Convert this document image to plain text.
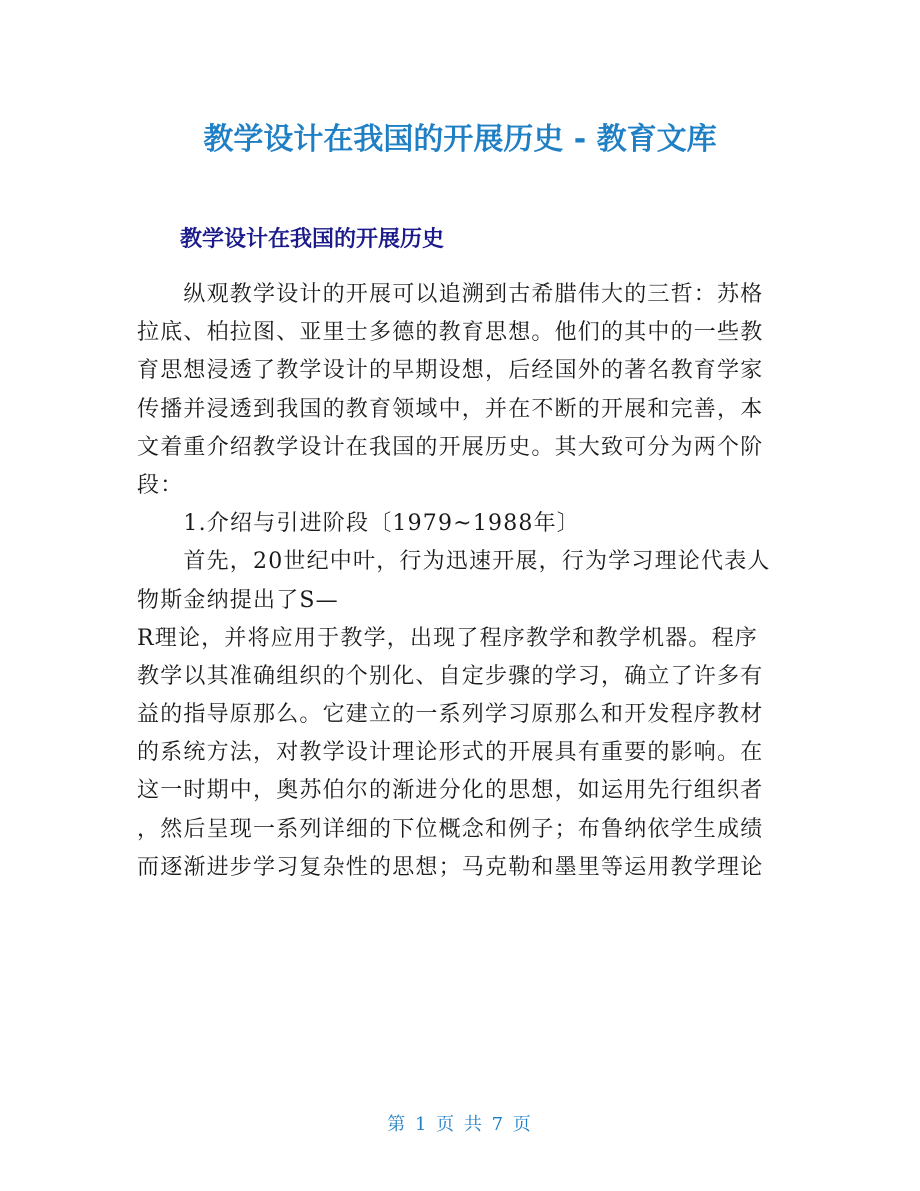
教学设计在我国的开展历史 - 教育文库
教学设计在我国的开展历史
　　纵观教学设计的开展可以追溯到古希腊伟大的三哲：苏格
拉底、柏拉图、亚里士多德的教育思想。他们的其中的一些教
育思想浸透了教学设计的早期设想，后经国外的著名教育学家
传播并浸透到我国的教育领域中，并在不断的开展和完善，本
文着重介绍教学设计在我国的开展历史。其大致可分为两个阶
段：
　　1.介绍与引进阶段〔1979~1988年〕
　　首先，20世纪中叶，行为迅速开展，行为学习理论代表人
物斯金纳提出了S—
R理论，并将应用于教学，出现了程序教学和教学机器。程序
教学以其准确组织的个别化、自定步骤的学习，确立了许多有
益的指导原那么。它建立的一系列学习原那么和开发程序教材
的系统方法，对教学设计理论形式的开展具有重要的影响。在
这一时期中，奥苏伯尔的渐进分化的思想，如运用先行组织者
，然后呈现一系列详细的下位概念和例子；布鲁纳依学生成绩
而逐渐进步学习复杂性的思想；马克勒和墨里等运用教学理论
第 1 页 共 7 页
